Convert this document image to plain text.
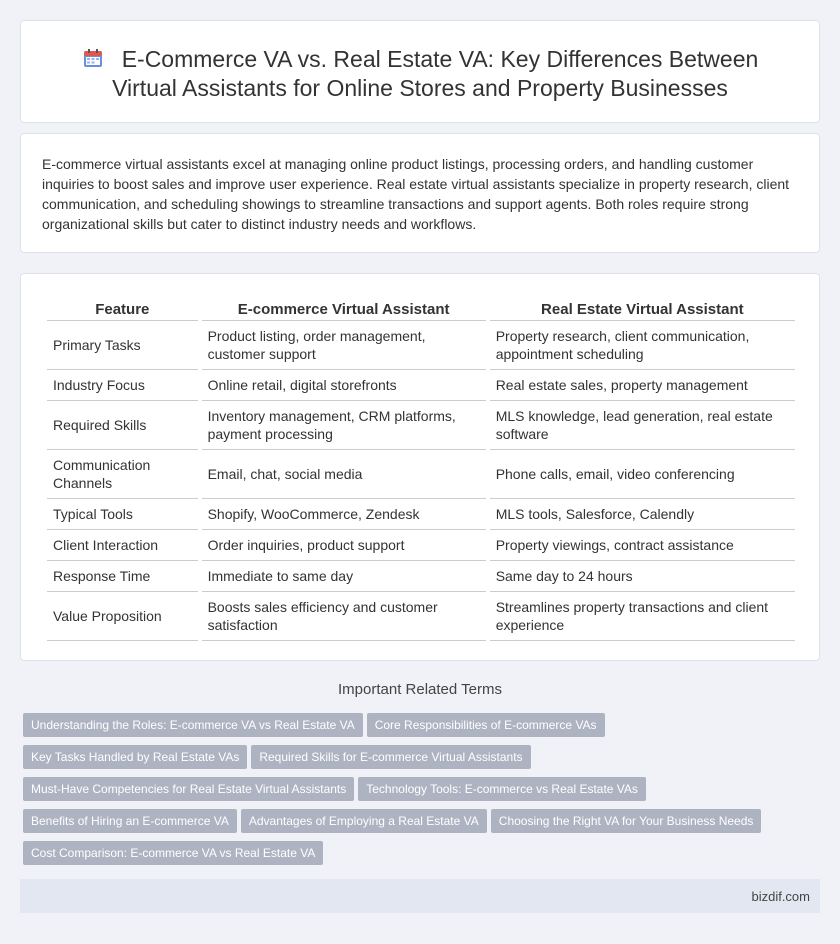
E-Commerce VA vs. Real Estate VA: Key Differences Between
Virtual Assistants for Online Stores and Property Businesses

E-commerce virtual assistants excel at managing online product listings, processing orders, and handling customer inquiries to boost sales and improve user experience. Real estate virtual assistants specialize in property research, client communication, and scheduling showings to streamline transactions and support agents. Both roles require strong organizational skills but cater to distinct industry needs and workflows.

Feature	E-commerce Virtual Assistant	Real Estate Virtual Assistant
Primary Tasks	Product listing, order management, customer support	Property research, client communication, appointment scheduling
Industry Focus	Online retail, digital storefronts	Real estate sales, property management
Required Skills	Inventory management, CRM platforms, payment processing	MLS knowledge, lead generation, real estate software
Communication Channels	Email, chat, social media	Phone calls, email, video conferencing
Typical Tools	Shopify, WooCommerce, Zendesk	MLS tools, Salesforce, Calendly
Client Interaction	Order inquiries, product support	Property viewings, contract assistance
Response Time	Immediate to same day	Same day to 24 hours
Value Proposition	Boosts sales efficiency and customer satisfaction	Streamlines property transactions and client experience
Important Related Terms
Understanding the Roles: E-commerce VA vs Real Estate VA Core Responsibilities of E-commerce VAs
Key Tasks Handled by Real Estate VAs Required Skills for E-commerce Virtual Assistants
Must-Have Competencies for Real Estate Virtual Assistants Technology Tools: E-commerce vs Real Estate VAs
Benefits of Hiring an E-commerce VA Advantages of Employing a Real Estate VA Choosing the Right VA for Your Business Needs
Cost Comparison: E-commerce VA vs Real Estate VA
bizdif.com
